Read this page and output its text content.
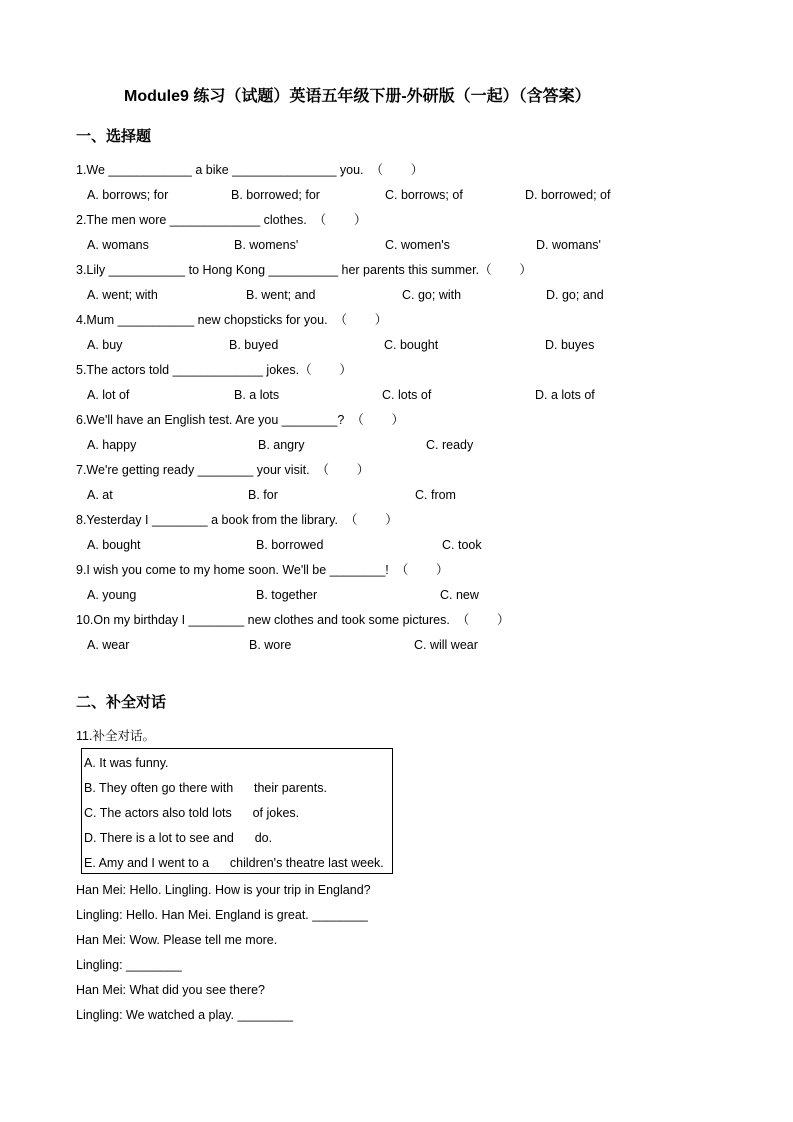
Module9 练习（试题）英语五年级下册-外研版（一起）（含答案）
一、选择题
1.We ____________ a bike _______________ you.  （        ）
A. borrows; for	B. borrowed; for	C. borrows; of	D. borrowed; of
2.The men wore _____________ clothes.  （        ）
A. womans	B. womens'	C. women's	D. womans'
3.Lily ___________ to Hong Kong __________ her parents this summer.（        ）
A. went; with	B. went; and	C. go; with	D. go; and
4.Mum ___________ new chopsticks for you.  （        ）
A. buy	B. buyed	C. bought	D. buyes
5.The actors told _____________ jokes.（        ）
A. lot of	B. a lots	C. lots of	D. a lots of
6.We'll have an English test. Are you ________?  （        ）
A. happy	B. angry	C. ready
7.We're getting ready ________ your visit.  （        ）
A. at	B. for	C. from
8.Yesterday I ________ a book from the library.  （        ）
A. bought	B. borrowed	C. took
9.I wish you come to my home soon. We'll be ________!  （        ）
A. young	B. together	C. new
10.On my birthday I ________ new clothes and took some pictures.  （        ）
A. wear	B. wore	C. will wear
二、补全对话
11.补全对话。
A. It was funny.
B. They often go there with      their parents.
C. The actors also told lots      of jokes.
D. There is a lot to see and      do.
E. Amy and I went to a      children's theatre last week.
Han Mei: Hello. Lingling. How is your trip in England?
Lingling: Hello. Han Mei. England is great. ________
Han Mei: Wow. Please tell me more.
Lingling: ________
Han Mei: What did you see there?
Lingling: We watched a play. ________
